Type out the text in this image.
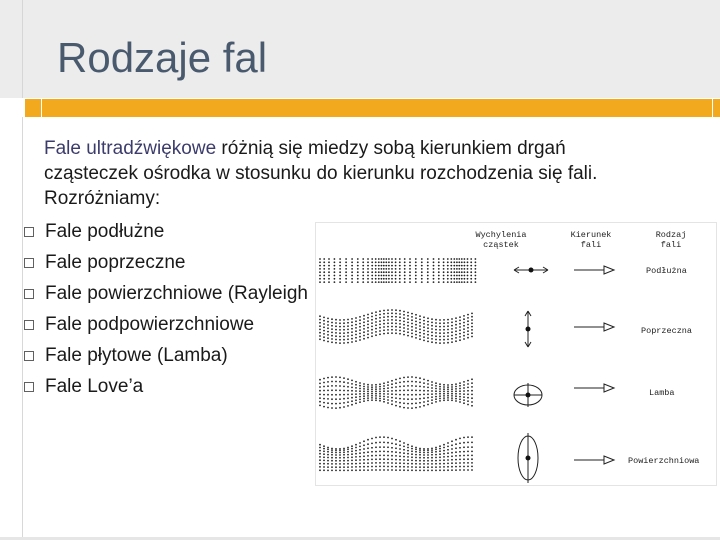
Rodzaje fal
Fale ultradźwiękowe różnią się miedzy sobą kierunkiem drgań cząsteczek ośrodka w stosunku do kierunku rozchodzenia się fali. Rozróżniamy:
Fale podłużne
Fale poprzeczne
Fale powierzchniowe (Rayleigh
Fale podpowierzchniowe
Fale płytowe (Lamba)
Fale Love’a
Wychylenia
cząstek
Kierunek
fali
Rodzaj
fali
Podłużna
Poprzeczna
Lamba
Powierzchniowa
